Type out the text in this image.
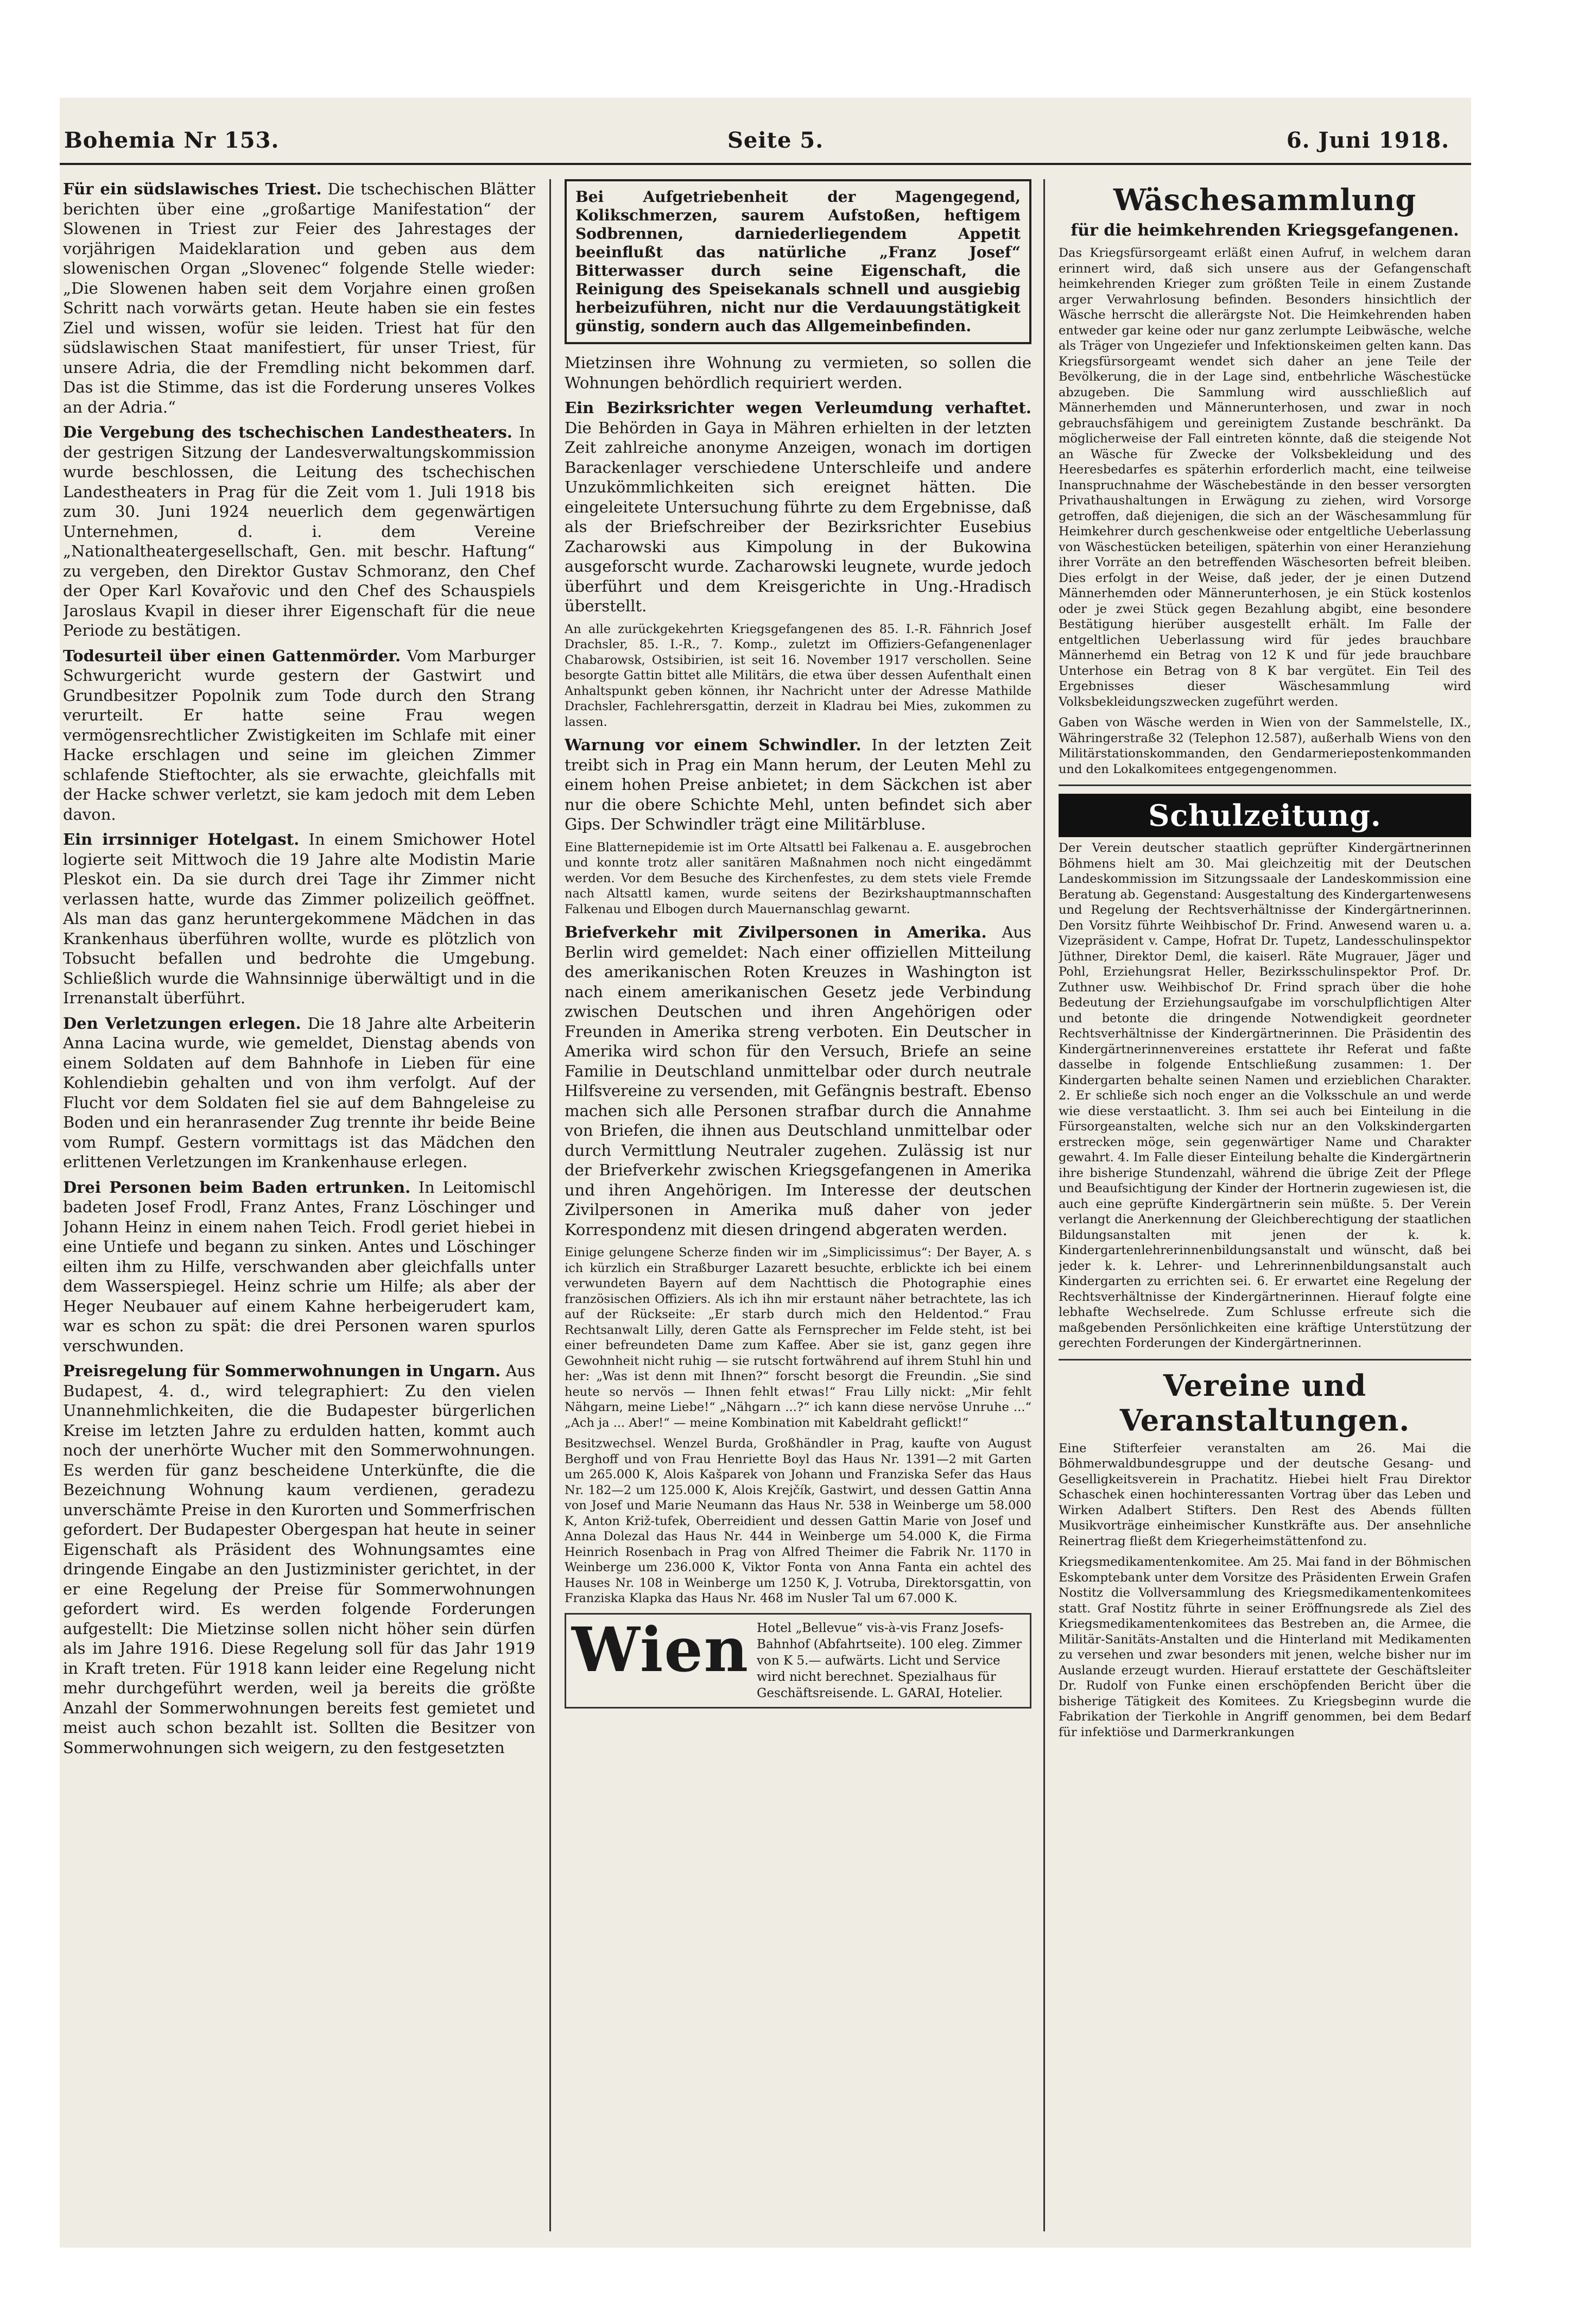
Bohemia Nr 153.	Seite 5.	6. Juni 1918.

Für ein südslawisches Triest. Die tschechischen Blätter berichten über eine „großartige Manifestation“ der Slowenen in Triest zur Feier des Jahrestages der vorjährigen Maideklaration und geben aus dem slowenischen Organ „Slovenec“ folgende Stelle wieder: „Die Slowenen haben seit dem Vorjahre einen großen Schritt nach vorwärts getan. Heute haben sie ein festes Ziel und wissen, wofür sie leiden. Triest hat für den südslawischen Staat manifestiert, für unser Triest, für unsere Adria, die der Fremdling nicht bekommen darf. Das ist die Stimme, das ist die Forderung unseres Volkes an der Adria.“

Die Vergebung des tschechischen Landestheaters. In der gestrigen Sitzung der Landesverwaltungskommission wurde beschlossen, die Leitung des tschechischen Landestheaters in Prag für die Zeit vom 1. Juli 1918 bis zum 30. Juni 1924 neuerlich dem gegenwärtigen Unternehmen, d. i. dem Vereine „Nationaltheatergesellschaft, Gen. mit beschr. Haftung“ zu vergeben, den Direktor Gustav Schmoranz, den Chef der Oper Karl Kovařovic und den Chef des Schauspiels Jaroslaus Kvapil in dieser ihrer Eigenschaft für die neue Periode zu bestätigen.

Todesurteil über einen Gattenmörder. Vom Marburger Schwurgericht wurde gestern der Gastwirt und Grundbesitzer Popolnik zum Tode durch den Strang verurteilt. Er hatte seine Frau wegen vermögensrechtlicher Zwistigkeiten im Schlafe mit einer Hacke erschlagen und seine im gleichen Zimmer schlafende Stieftochter, als sie erwachte, gleichfalls mit der Hacke schwer verletzt, sie kam jedoch mit dem Leben davon.

Ein irrsinniger Hotelgast. In einem Smichower Hotel logierte seit Mittwoch die 19 Jahre alte Modistin Marie Pleskot ein. Da sie durch drei Tage ihr Zimmer nicht verlassen hatte, wurde das Zimmer polizeilich geöffnet. Als man das ganz heruntergekommene Mädchen in das Krankenhaus überführen wollte, wurde es plötzlich von Tobsucht befallen und bedrohte die Umgebung. Schließlich wurde die Wahnsinnige überwältigt und in die Irrenanstalt überführt.

Den Verletzungen erlegen. Die 18 Jahre alte Arbeiterin Anna Lacina wurde, wie gemeldet, Dienstag abends von einem Soldaten auf dem Bahnhofe in Lieben für eine Kohlendiebin gehalten und von ihm verfolgt. Auf der Flucht vor dem Soldaten fiel sie auf dem Bahngeleise zu Boden und ein heranrasender Zug trennte ihr beide Beine vom Rumpf. Gestern vormittags ist das Mädchen den erlittenen Verletzungen im Krankenhause erlegen.

Drei Personen beim Baden ertrunken. In Leitomischl badeten Josef Frodl, Franz Antes, Franz Löschinger und Johann Heinz in einem nahen Teich. Frodl geriet hiebei in eine Untiefe und begann zu sinken. Antes und Löschinger eilten ihm zu Hilfe, verschwanden aber gleichfalls unter dem Wasserspiegel. Heinz schrie um Hilfe; als aber der Heger Neubauer auf einem Kahne herbeigerudert kam, war es schon zu spät: die drei Personen waren spurlos verschwunden.

Preisregelung für Sommerwohnungen in Ungarn. Aus Budapest, 4. d., wird telegraphiert: Zu den vielen Unannehmlichkeiten, die die Budapester bürgerlichen Kreise im letzten Jahre zu erdulden hatten, kommt auch noch der unerhörte Wucher mit den Sommerwohnungen. Es werden für ganz bescheidene Unterkünfte, die die Bezeichnung Wohnung kaum verdienen, geradezu unverschämte Preise in den Kurorten und Sommerfrischen gefordert. Der Budapester Obergespan hat heute in seiner Eigenschaft als Präsident des Wohnungsamtes eine dringende Eingabe an den Justizminister gerichtet, in der er eine Regelung der Preise für Sommerwohnungen gefordert wird. Es werden folgende Forderungen aufgestellt: Die Mietzinse sollen nicht höher sein dürfen als im Jahre 1916. Diese Regelung soll für das Jahr 1919 in Kraft treten. Für 1918 kann leider eine Regelung nicht mehr durchgeführt werden, weil ja bereits die größte Anzahl der Sommerwohnungen bereits fest gemietet und meist auch schon bezahlt ist. Sollten die Besitzer von Sommerwohnungen sich weigern, zu den festgesetzten

Bei Aufgetriebenheit der Magengegend, Kolikschmerzen, saurem Aufstoßen, heftigem Sodbrennen, darniederliegendem Appetit beeinflußt das natürliche „Franz Josef“ Bitterwasser durch seine Eigenschaft, die Reinigung des Speisekanals schnell und ausgiebig herbeizuführen, nicht nur die Verdauungstätigkeit günstig, sondern auch das Allgemeinbefinden.

Mietzinsen ihre Wohnung zu vermieten, so sollen die Wohnungen behördlich requiriert werden.

Ein Bezirksrichter wegen Verleumdung verhaftet. Die Behörden in Gaya in Mähren erhielten in der letzten Zeit zahlreiche anonyme Anzeigen, wonach im dortigen Barackenlager verschiedene Unterschleife und andere Unzukömmlichkeiten sich ereignet hätten. Die eingeleitete Untersuchung führte zu dem Ergebnisse, daß als der Briefschreiber der Bezirksrichter Eusebius Zacharowski aus Kimpolung in der Bukowina ausgeforscht wurde. Zacharowski leugnete, wurde jedoch überführt und dem Kreisgerichte in Ung.-Hradisch überstellt.

An alle zurückgekehrten Kriegsgefangenen des 85. I.-R. Fähnrich Josef Drachsler, 85. I.-R., 7. Komp., zuletzt im Offiziers-Gefangenenlager Chabarowsk, Ostsibirien, ist seit 16. November 1917 verschollen. Seine besorgte Gattin bittet alle Militärs, die etwa über dessen Aufenthalt einen Anhaltspunkt geben können, ihr Nachricht unter der Adresse Mathilde Drachsler, Fachlehrersgattin, derzeit in Kladrau bei Mies, zukommen zu lassen.

Warnung vor einem Schwindler. In der letzten Zeit treibt sich in Prag ein Mann herum, der Leuten Mehl zu einem hohen Preise anbietet; in dem Säckchen ist aber nur die obere Schichte Mehl, unten befindet sich aber Gips. Der Schwindler trägt eine Militärbluse.

Eine Blatternepidemie ist im Orte Altsattl bei Falkenau a. E. ausgebrochen und konnte trotz aller sanitären Maßnahmen noch nicht eingedämmt werden. Vor dem Besuche des Kirchenfestes, zu dem stets viele Fremde nach Altsattl kamen, wurde seitens der Bezirkshauptmannschaften Falkenau und Elbogen durch Mauernanschlag gewarnt.

Briefverkehr mit Zivilpersonen in Amerika. Aus Berlin wird gemeldet: Nach einer offiziellen Mitteilung des amerikanischen Roten Kreuzes in Washington ist nach einem amerikanischen Gesetz jede Verbindung zwischen Deutschen und ihren Angehörigen oder Freunden in Amerika streng verboten. Ein Deutscher in Amerika wird schon für den Versuch, Briefe an seine Familie in Deutschland unmittelbar oder durch neutrale Hilfsvereine zu versenden, mit Gefängnis bestraft. Ebenso machen sich alle Personen strafbar durch die Annahme von Briefen, die ihnen aus Deutschland unmittelbar oder durch Vermittlung Neutraler zugehen. Zulässig ist nur der Briefverkehr zwischen Kriegsgefangenen in Amerika und ihren Angehörigen. Im Interesse der deutschen Zivilpersonen in Amerika muß daher von jeder Korrespondenz mit diesen dringend abgeraten werden.

Einige gelungene Scherze finden wir im „Simplicissimus“: Der Bayer, A. s ich kürzlich ein Straßburger Lazarett besuchte, erblickte ich bei einem verwundeten Bayern auf dem Nachttisch die Photographie eines französischen Offiziers. Als ich ihn mir erstaunt näher betrachtete, las ich auf der Rückseite: „Er starb durch mich den Heldentod.“ Frau Rechtsanwalt Lilly, deren Gatte als Fernsprecher im Felde steht, ist bei einer befreundeten Dame zum Kaffee. Aber sie ist, ganz gegen ihre Gewohnheit nicht ruhig — sie rutscht fortwährend auf ihrem Stuhl hin und her: „Was ist denn mit Ihnen?“ forscht besorgt die Freundin. „Sie sind heute so nervös — Ihnen fehlt etwas!“ Frau Lilly nickt: „Mir fehlt Nähgarn, meine Liebe!“ „Nähgarn ...?“ ich kann diese nervöse Unruhe ...“ „Ach ja ... Aber!“ — meine Kombination mit Kabeldraht geflickt!“

Besitzwechsel. Wenzel Burda, Großhändler in Prag, kaufte von August Berghoff und von Frau Henriette Boyl das Haus Nr. 1391—2 mit Garten um 265.000 K, Alois Kašparek von Johann und Franziska Sefer das Haus Nr. 182—2 um 125.000 K, Alois Krejčík, Gastwirt, und dessen Gattin Anna von Josef und Marie Neumann das Haus Nr. 538 in Weinberge um 58.000 K, Anton Križ-tufek, Oberreidient und dessen Gattin Marie von Josef und Anna Dolezal das Haus Nr. 444 in Weinberge um 54.000 K, die Firma Heinrich Rosenbach in Prag von Alfred Theimer die Fabrik Nr. 1170 in Weinberge um 236.000 K, Viktor Fonta von Anna Fanta ein achtel des Hauses Nr. 108 in Weinberge um 1250 K, J. Votruba, Direktorsgattin, von Franziska Klapka das Haus Nr. 468 im Nusler Tal um 67.000 K.

Wien Hotel „Bellevue“ vis-à-vis Franz Josefs-Bahnhof (Abfahrtseite). 100 eleg. Zimmer von K 5.— aufwärts. Licht und Service wird nicht berechnet. Spezialhaus für Geschäftsreisende. L. GARAI, Hotelier.
Wäschesammlung
für die heimkehrenden Kriegsgefangenen.

Das Kriegsfürsorgeamt erläßt einen Aufruf, in welchem daran erinnert wird, daß sich unsere aus der Gefangenschaft heimkehrenden Krieger zum größten Teile in einem Zustande arger Verwahrlosung befinden. Besonders hinsichtlich der Wäsche herrscht die allerärgste Not. Die Heimkehrenden haben entweder gar keine oder nur ganz zerlumpte Leibwäsche, welche als Träger von Ungeziefer und Infektionskeimen gelten kann. Das Kriegsfürsorgeamt wendet sich daher an jene Teile der Bevölkerung, die in der Lage sind, entbehrliche Wäschestücke abzugeben. Die Sammlung wird ausschließlich auf Männerhemden und Männerunterhosen, und zwar in noch gebrauchsfähigem und gereinigtem Zustande beschränkt. Da möglicherweise der Fall eintreten könnte, daß die steigende Not an Wäsche für Zwecke der Volksbekleidung und des Heeresbedarfes es späterhin erforderlich macht, eine teilweise Inanspruchnahme der Wäschebestände in den besser versorgten Privathaushaltungen in Erwägung zu ziehen, wird Vorsorge getroffen, daß diejenigen, die sich an der Wäschesammlung für Heimkehrer durch geschenkweise oder entgeltliche Ueberlassung von Wäschestücken beteiligen, späterhin von einer Heranziehung ihrer Vorräte an den betreffenden Wäschesorten befreit bleiben. Dies erfolgt in der Weise, daß jeder, der je einen Dutzend Männerhemden oder Männerunterhosen, je ein Stück kostenlos oder je zwei Stück gegen Bezahlung abgibt, eine besondere Bestätigung hierüber ausgestellt erhält. Im Falle der entgeltlichen Ueberlassung wird für jedes brauchbare Männerhemd ein Betrag von 12 K und für jede brauchbare Unterhose ein Betrag von 8 K bar vergütet. Ein Teil des Ergebnisses dieser Wäschesammlung wird Volksbekleidungszwecken zugeführt werden.

Gaben von Wäsche werden in Wien von der Sammelstelle, IX., Währingerstraße 32 (Telephon 12.587), außerhalb Wiens von den Militärstationskommanden, den Gendarmeriepostenkommanden und den Lokalkomitees entgegengenommen.

Schulzeitung.

Der Verein deutscher staatlich geprüfter Kindergärtnerinnen Böhmens hielt am 30. Mai gleichzeitig mit der Deutschen Landeskommission im Sitzungssaale der Landeskommission eine Beratung ab. Gegenstand: Ausgestaltung des Kindergartenwesens und Regelung der Rechtsverhältnisse der Kindergärtnerinnen. Den Vorsitz führte Weihbischof Dr. Frind. Anwesend waren u. a. Vizepräsident v. Campe, Hofrat Dr. Tupetz, Landesschulinspektor Jüthner, Direktor Deml, die kaiserl. Räte Mugrauer, Jäger und Pohl, Erziehungsrat Heller, Bezirksschulinspektor Prof. Dr. Zuthner usw. Weihbischof Dr. Frind sprach über die hohe Bedeutung der Erziehungsaufgabe im vorschulpflichtigen Alter und betonte die dringende Notwendigkeit geordneter Rechtsverhältnisse der Kindergärtnerinnen. Die Präsidentin des Kindergärtnerinnenvereines erstattete ihr Referat und faßte dasselbe in folgende Entschließung zusammen: 1. Der Kindergarten behalte seinen Namen und erzieblichen Charakter. 2. Er schließe sich noch enger an die Volksschule an und werde wie diese verstaatlicht. 3. Ihm sei auch bei Einteilung in die Fürsorgeanstalten, welche sich nur an den Volkskindergarten erstrecken möge, sein gegenwärtiger Name und Charakter gewahrt. 4. Im Falle dieser Einteilung behalte die Kindergärtnerin ihre bisherige Stundenzahl, während die übrige Zeit der Pflege und Beaufsichtigung der Kinder der Hortnerin zugewiesen ist, die auch eine geprüfte Kindergärtnerin sein müßte. 5. Der Verein verlangt die Anerkennung der Gleichberechtigung der staatlichen Bildungsanstalten mit jenen der k. k. Kindergartenlehrerinnenbildungsanstalt und wünscht, daß bei jeder k. k. Lehrer- und Lehrerinnenbildungsanstalt auch Kindergarten zu errichten sei. 6. Er erwartet eine Regelung der Rechtsverhältnisse der Kindergärtnerinnen. Hierauf folgte eine lebhafte Wechselrede. Zum Schlusse erfreute sich die maßgebenden Persönlichkeiten eine kräftige Unterstützung der gerechten Forderungen der Kindergärtnerinnen.

Vereine und Veranstaltungen.

Eine Stifterfeier veranstalten am 26. Mai die Böhmerwaldbundesgruppe und der deutsche Gesang- und Geselligkeitsverein in Prachatitz. Hiebei hielt Frau Direktor Schaschek einen hochinteressanten Vortrag über das Leben und Wirken Adalbert Stifters. Den Rest des Abends füllten Musikvorträge einheimischer Kunstkräfte aus. Der ansehnliche Reinertrag fließt dem Kriegerheimstättenfond zu.

Kriegsmedikamentenkomitee. Am 25. Mai fand in der Böhmischen Eskomptebank unter dem Vorsitze des Präsidenten Erwein Grafen Nostitz die Vollversammlung des Kriegsmedikamentenkomitees statt. Graf Nostitz führte in seiner Eröffnungsrede als Ziel des Kriegsmedikamentenkomitees das Bestreben an, die Armee, die Militär-Sanitäts-Anstalten und die Hinterland mit Medikamenten zu versehen und zwar besonders mit jenen, welche bisher nur im Auslande erzeugt wurden. Hierauf erstattete der Geschäftsleiter Dr. Rudolf von Funke einen erschöpfenden Bericht über die bisherige Tätigkeit des Komitees. Zu Kriegsbeginn wurde die Fabrikation der Tierkohle in Angriff genommen, bei dem Bedarf für infektiöse und Darmerkrankungen
